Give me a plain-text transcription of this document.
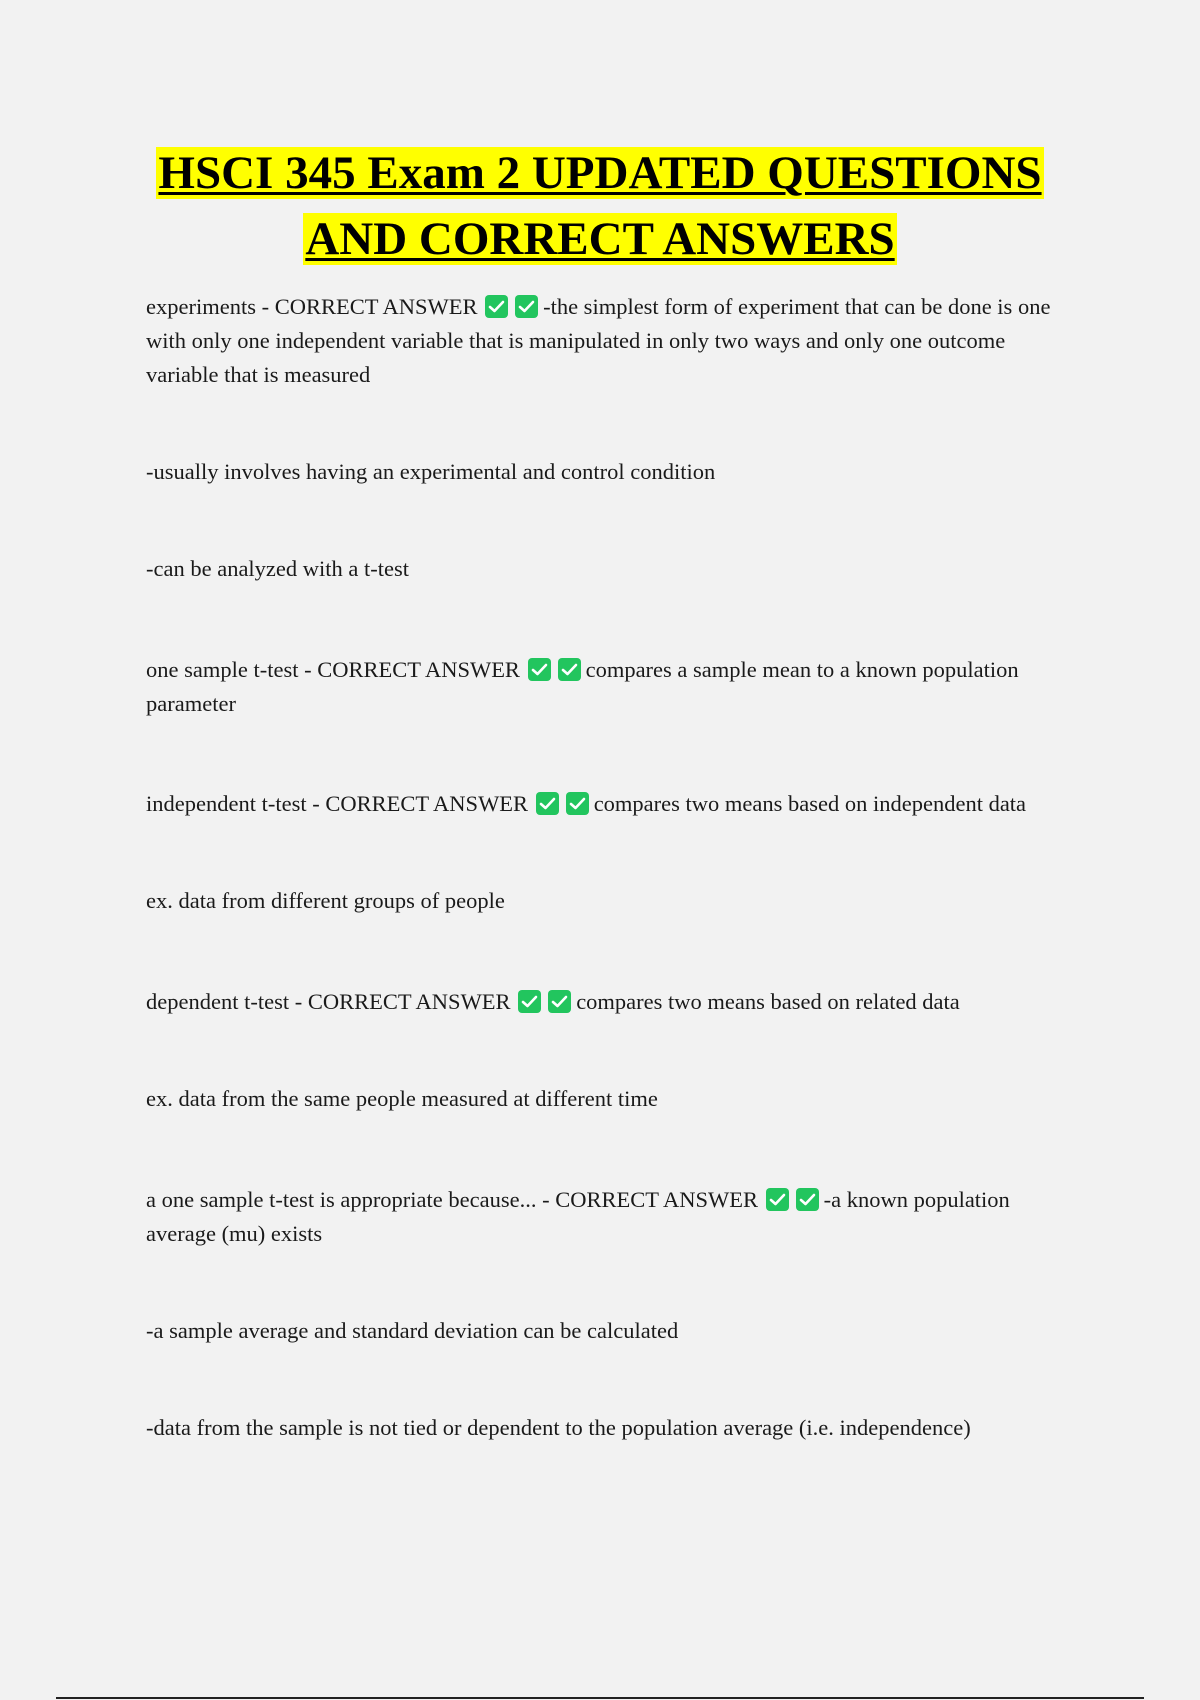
HSCI 345 Exam 2 UPDATED QUESTIONS
AND CORRECT ANSWERS

experiments - CORRECT ANSWER	-the simplest form of experiment that can be done is one with only one independent variable that is manipulated in only two ways and only one outcome variable that is measured

-usually involves having an experimental and control condition

-can be analyzed with a t-test

one sample t-test - CORRECT ANSWER	compares a sample mean to a known population parameter

independent t-test - CORRECT ANSWER	compares two means based on independent data

ex. data from different groups of people

dependent t-test - CORRECT ANSWER	compares two means based on related data

ex. data from the same people measured at different time

a one sample t-test is appropriate because... - CORRECT ANSWER	-a known population average (mu) exists

-a sample average and standard deviation can be calculated

-data from the sample is not tied or dependent to the population average (i.e. independence)
